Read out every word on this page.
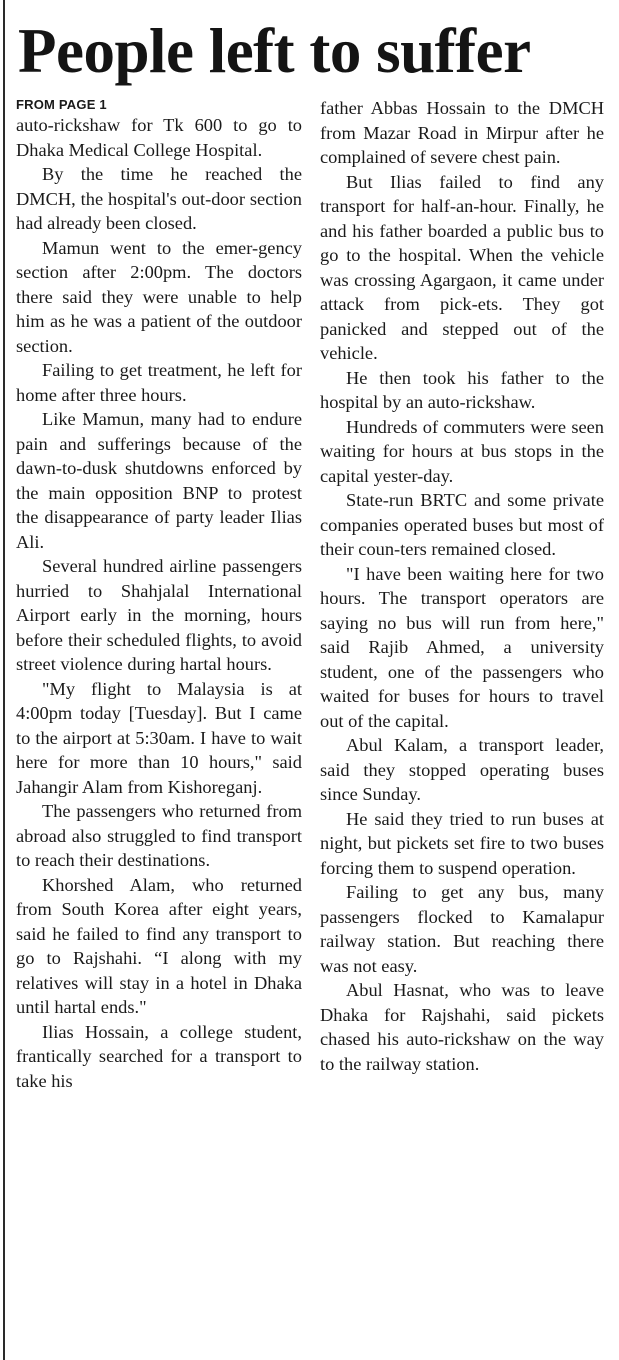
People left to suffer
FROM PAGE 1

auto-rickshaw for Tk 600 to go to Dhaka Medical College Hospital.

By the time he reached the DMCH, the hospital's out-door section had already been closed.

Mamun went to the emer-gency section after 2:00pm. The doctors there said they were unable to help him as he was a patient of the outdoor section.

Failing to get treatment, he left for home after three hours.

Like Mamun, many had to endure pain and sufferings because of the dawn-to-dusk shutdowns enforced by the main opposition BNP to protest the disappearance of party leader Ilias Ali.

Several hundred airline passengers hurried to Shahjalal International Airport early in the morning, hours before their scheduled flights, to avoid street violence during hartal hours.

"My flight to Malaysia is at 4:00pm today [Tuesday]. But I came to the airport at 5:30am. I have to wait here for more than 10 hours," said Jahangir Alam from Kishoreganj.

The passengers who returned from abroad also struggled to find transport to reach their destinations.

Khorshed Alam, who returned from South Korea after eight years, said he failed to find any transport to go to Rajshahi. “I along with my relatives will stay in a hotel in Dhaka until hartal ends."

Ilias Hossain, a college student, frantically searched for a transport to take his

father Abbas Hossain to the DMCH from Mazar Road in Mirpur after he complained of severe chest pain.

But Ilias failed to find any transport for half-an-hour. Finally, he and his father boarded a public bus to go to the hospital. When the vehicle was crossing Agargaon, it came under attack from pick-ets. They got panicked and stepped out of the vehicle.

He then took his father to the hospital by an auto-rickshaw.

Hundreds of commuters were seen waiting for hours at bus stops in the capital yester-day.

State-run BRTC and some private companies operated buses but most of their coun-ters remained closed.

"I have been waiting here for two hours. The transport operators are saying no bus will run from here," said Rajib Ahmed, a university student, one of the passengers who waited for buses for hours to travel out of the capital.

Abul Kalam, a transport leader, said they stopped operating buses since Sunday.

He said they tried to run buses at night, but pickets set fire to two buses forcing them to suspend operation.

Failing to get any bus, many passengers flocked to Kamalapur railway station. But reaching there was not easy.

Abul Hasnat, who was to leave Dhaka for Rajshahi, said pickets chased his auto-rickshaw on the way to the railway station.
